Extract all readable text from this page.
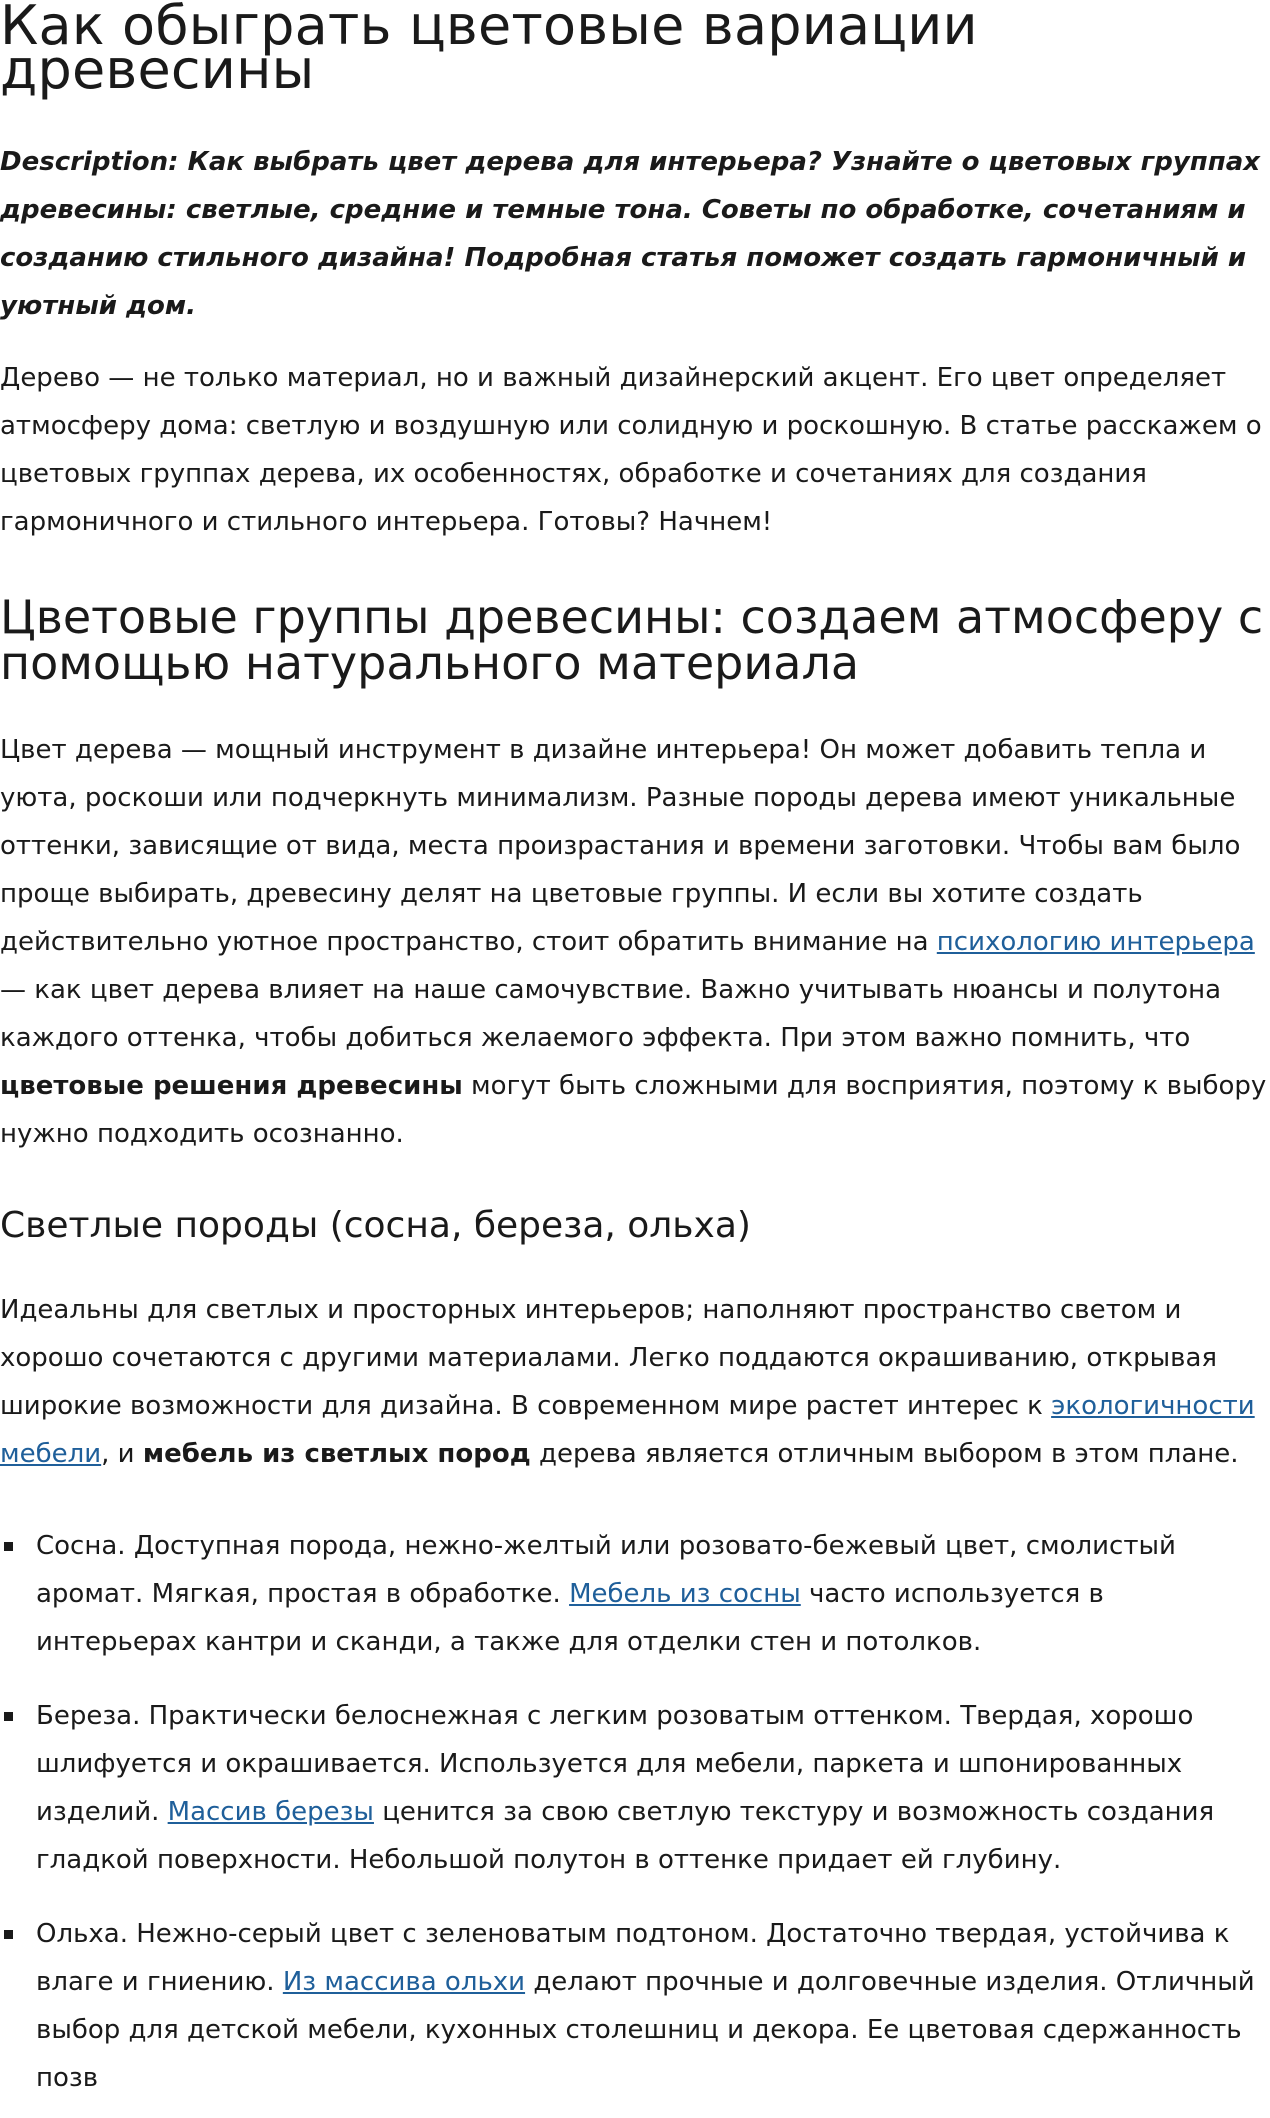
Как обыграть цветовые вариации древесины

Description: Как выбрать цвет дерева для интерьера? Узнайте о цветовых группах древесины: светлые, средние и темные тона. Советы по обработке, сочетаниям и созданию стильного дизайна! Подробная статья поможет создать гармоничный и уютный дом.

Дерево — не только материал, но и важный дизайнерский акцент. Его цвет определяет атмосферу дома: светлую и воздушную или солидную и роскошную. В статье расскажем о цветовых группах дерева, их особенностях, обработке и сочетаниях для создания гармоничного и стильного интерьера. Готовы? Начнем!

Цветовые группы древесины: создаем атмосферу с помощью натурального материала

Цвет дерева — мощный инструмент в дизайне интерьера! Он может добавить тепла и уюта, роскоши или подчеркнуть минимализм. Разные породы дерева имеют уникальные оттенки, зависящие от вида, места произрастания и времени заготовки. Чтобы вам было проще выбирать, древесину делят на цветовые группы. И если вы хотите создать действительно уютное пространство, стоит обратить внимание на психологию интерьера — как цвет дерева влияет на наше самочувствие. Важно учитывать нюансы и полутона каждого оттенка, чтобы добиться желаемого эффекта. При этом важно помнить, что цветовые решения древесины могут быть сложными для восприятия, поэтому к выбору нужно подходить осознанно.

Светлые породы (сосна, береза, ольха)

Идеальны для светлых и просторных интерьеров; наполняют пространство светом и хорошо сочетаются с другими материалами. Легко поддаются окрашиванию, открывая широкие возможности для дизайна. В современном мире растет интерес к экологичности мебели, и мебель из светлых пород дерева является отличным выбором в этом плане.

Сосна. Доступная порода, нежно-желтый или розовато-бежевый цвет, смолистый аромат. Мягкая, простая в обработке. Мебель из сосны часто используется в интерьерах кантри и сканди, а также для отделки стен и потолков.
Береза. Практически белоснежная с легким розоватым оттенком. Твердая, хорошо шлифуется и окрашивается. Используется для мебели, паркета и шпонированных изделий. Массив березы ценится за свою светлую текстуру и возможность создания гладкой поверхности. Небольшой полутон в оттенке придает ей глубину.
Ольха. Нежно-серый цвет с зеленоватым подтоном. Достаточно твердая, устойчива к влаге и гниению. Из массива ольхи делают прочные и долговечные изделия. Отличный выбор для детской мебели, кухонных столешниц и декора. Ее цветовая сдержанность позв
